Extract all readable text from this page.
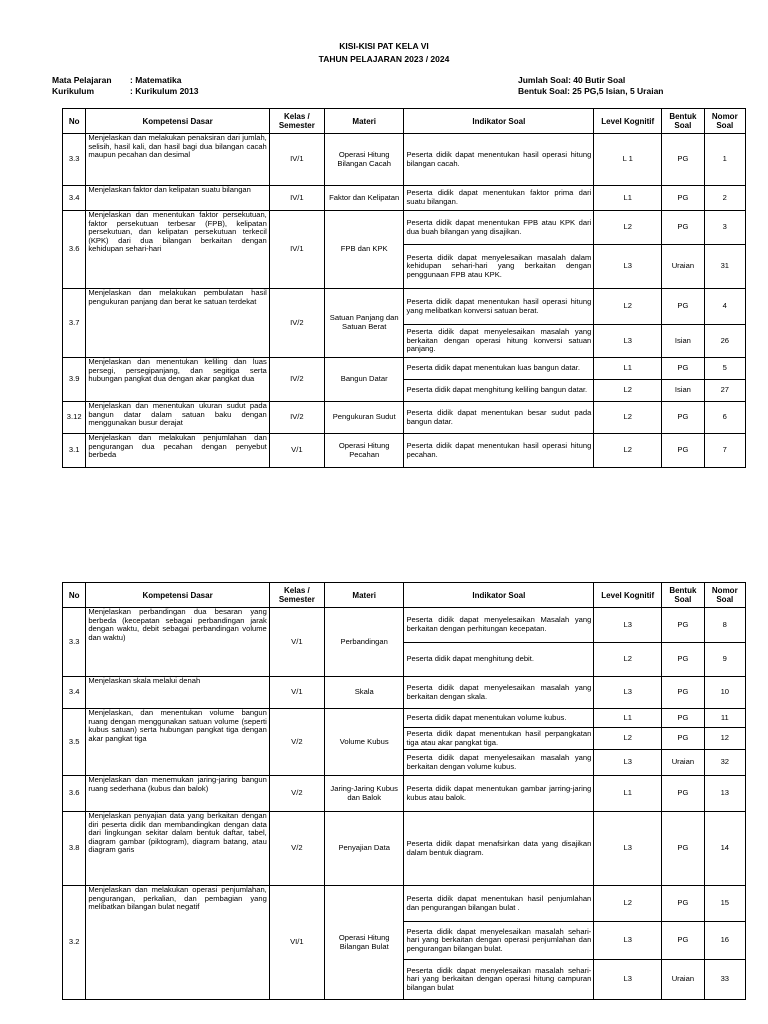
KISI-KISI PAT KELA VI
TAHUN PELAJARAN 2023 / 2024
Mata Pelajaran : Matematika
Kurikulum	: Kurikulum 2013
Jumlah Soal: 40 Butir Soal
Bentuk Soal: 25 PG,5 Isian, 5 Uraian
No	Kompetensi Dasar	Kelas / Semester	Materi	Indikator Soal	Level Kognitif	Bentuk Soal	Nomor Soal
3.3	Menjelaskan dan melakukan penaksiran dari jumlah, selisih, hasil kali, dan hasil bagi dua bilangan cacah maupun pecahan dan desimal	IV/1	Operasi Hitung Bilangan Cacah	Peserta didik dapat menentukan hasil operasi hitung bilangan cacah.	L 1	PG	1
3.4	Menjelaskan faktor dan kelipatan suatu bilangan	IV/1	Faktor dan Kelipatan	Peserta didik dapat menentukan faktor prima dari suatu bilangan.	L1	PG	2
3.6	Menjelaskan dan menentukan faktor persekutuan, faktor persekutuan terbesar (FPB), kelipatan persekutuan, dan kelipatan persekutuan terkecil (KPK) dari dua bilangan berkaitan dengan kehidupan sehari-hari	IV/1	FPB dan KPK	Peserta didik dapat menentukan FPB atau KPK dari dua buah bilangan yang disajikan.	L2	PG	3
				Peserta didik dapat menyelesaikan masalah dalam kehidupan sehari-hari yang berkaitan dengan penggunaan FPB atau KPK.	L3	Uraian	31
3.7	Menjelaskan dan melakukan pembulatan hasil pengukuran panjang dan berat ke satuan terdekat	IV/2	Satuan Panjang dan Satuan Berat	Peserta didik dapat menentukan hasil operasi hitung yang melibatkan konversi satuan berat.	L2	PG	4
				Peserta didik dapat menyelesaikan masalah yang berkaitan dengan operasi hitung konversi satuan panjang.	L3	Isian	26
3.9	Menjelaskan dan menentukan keliling dan luas persegi, persegipanjang, dan segitiga serta hubungan pangkat dua dengan akar pangkat dua	IV/2	Bangun Datar	Peserta didik dapat menentukan luas bangun datar.	L1	PG	5
				Peserta didik dapat menghitung keliling bangun datar.	L2	Isian	27
3.12	Menjelaskan dan menentukan ukuran sudut pada bangun datar dalam satuan baku dengan menggunakan busur derajat	IV/2	Pengukuran Sudut	Peserta didik dapat menentukan besar sudut pada bangun datar.	L2	PG	6
3.1	Menjelaskan dan melakukan penjumlahan dan pengurangan dua pecahan dengan penyebut berbeda	V/1	Operasi Hitung Pecahan	Peserta didik dapat menentukan hasil operasi hitung pecahan.	L2	PG	7
No	Kompetensi Dasar	Kelas / Semester	Materi	Indikator Soal	Level Kognitif	Bentuk Soal	Nomor Soal
3.3	Menjelaskan perbandingan dua besaran yang berbeda (kecepatan sebagai perbandingan jarak dengan waktu, debit sebagai perbandingan volume dan waktu)	V/1	Perbandingan	Peserta didik dapat menyelesaikan Masalah yang berkaitan dengan perhitungan kecepatan.	L3	PG	8
				Peserta didik dapat menghitung debit.	L2	PG	9
3.4	Menjelaskan skala melalui denah	V/1	Skala	Peserta didik dapat menyelesaikan masalah yang berkaitan dengan skala.	L3	PG	10
3.5	Menjelaskan, dan menentukan volume bangun ruang dengan menggunakan satuan volume (seperti kubus satuan) serta hubungan pangkat tiga dengan akar pangkat tiga	V/2	Volume Kubus	Peserta didik dapat menentukan volume kubus.	L1	PG	11
				Peserta didik dapat menentukan hasil perpangkatan tiga atau akar pangkat tiga.	L2	PG	12
				Peserta didik dapat menyelesaikan masalah yang berkaitan dengan volume kubus.	L3	Uraian	32
3.6	Menjelaskan dan menemukan jaring-jaring bangun ruang sederhana (kubus dan balok)	V/2	Jaring-Jaring Kubus dan Balok	Peserta didik dapat menentukan gambar jarring-jaring kubus atau balok.	L1	PG	13
3.8	Menjelaskan penyajian data yang berkaitan dengan diri peserta didik dan membandingkan dengan data dari lingkungan sekitar dalam bentuk daftar, tabel, diagram gambar (piktogram), diagram batang, atau diagram garis	V/2	Penyajian Data	Peserta didik dapat menafsirkan data yang disajikan dalam bentuk diagram.	L3	PG	14
3.2	Menjelaskan dan melakukan operasi penjumlahan, pengurangan, perkalian, dan pembagian yang melibatkan bilangan bulat negatif	VI/1	Operasi Hitung Bilangan Bulat	Peserta didik dapat menentukan hasil penjumlahan dan pengurangan bilangan bulat .	L2	PG	15
				Peserta didik dapat menyelesaikan masalah sehari-hari yang berkaitan dengan operasi penjumlahan dan pengurangan bilangan bulat.	L3	PG	16
				Peserta didik dapat menyelesaikan masalah sehari-hari yang berkaitan dengan operasi hitung campuran bilangan bulat	L3	Uraian	33
